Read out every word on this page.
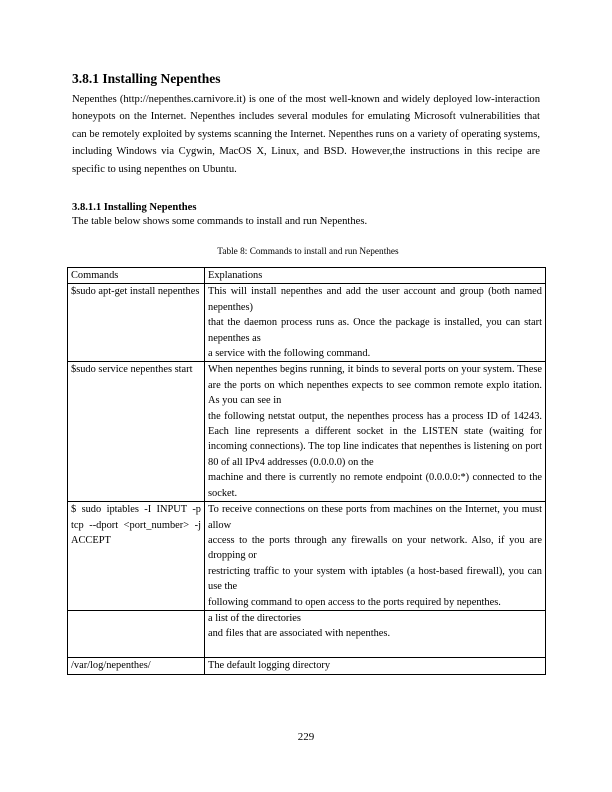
3.8.1 Installing Nepenthes

Nepenthes (http://nepenthes.carnivore.it) is one of the most well-known and widely deployed low-interaction honeypots on the Internet. Nepenthes includes several modules for emulating Microsoft vulnerabilities that can be remotely exploited by systems scanning the Internet. Nepenthes runs on a variety of operating systems, including Windows via Cygwin, MacOS X, Linux, and BSD. However,the instructions in this recipe are specific to using nepenthes on Ubuntu.

3.8.1.1 Installing Nepenthes

The table below shows some commands to install and run Nepenthes.

Table 8: Commands to install and run Nepenthes

Commands	Explanations
$sudo apt-get install nepenthes	This will install nepenthes and add the user account and group (both named nepenthes)
that the daemon process runs as. Once the package is installed, you can start nepenthes as
a service with the following command.

$sudo service nepenthes start	When nepenthes begins running, it binds to several ports on your system. These are the ports on which nepenthes expects to see common remote explo itation. As you can see in
the following netstat output, the nepenthes process has a process ID of 14243. Each line represents a different socket in the LISTEN state (waiting for incoming connections). The top line indicates that nepenthes is listening on port 80 of all IPv4 addresses (0.0.0.0) on the
machine and there is currently no remote endpoint (0.0.0.0:*) connected to the socket.

$ sudo iptables -I INPUT -p tcp --dport <port_number> -j ACCEPT	To receive connections on these ports from machines on the Internet, you must allow
access to the ports through any firewalls on your network. Also, if you are dropping or
restricting traffic to your system with iptables (a host-based firewall), you can use the
following command to open access to the ports required by nepenthes.

	a list of the directories
and files that are associated with nepenthes.

/var/log/nepenthes/	The default logging directory

229
